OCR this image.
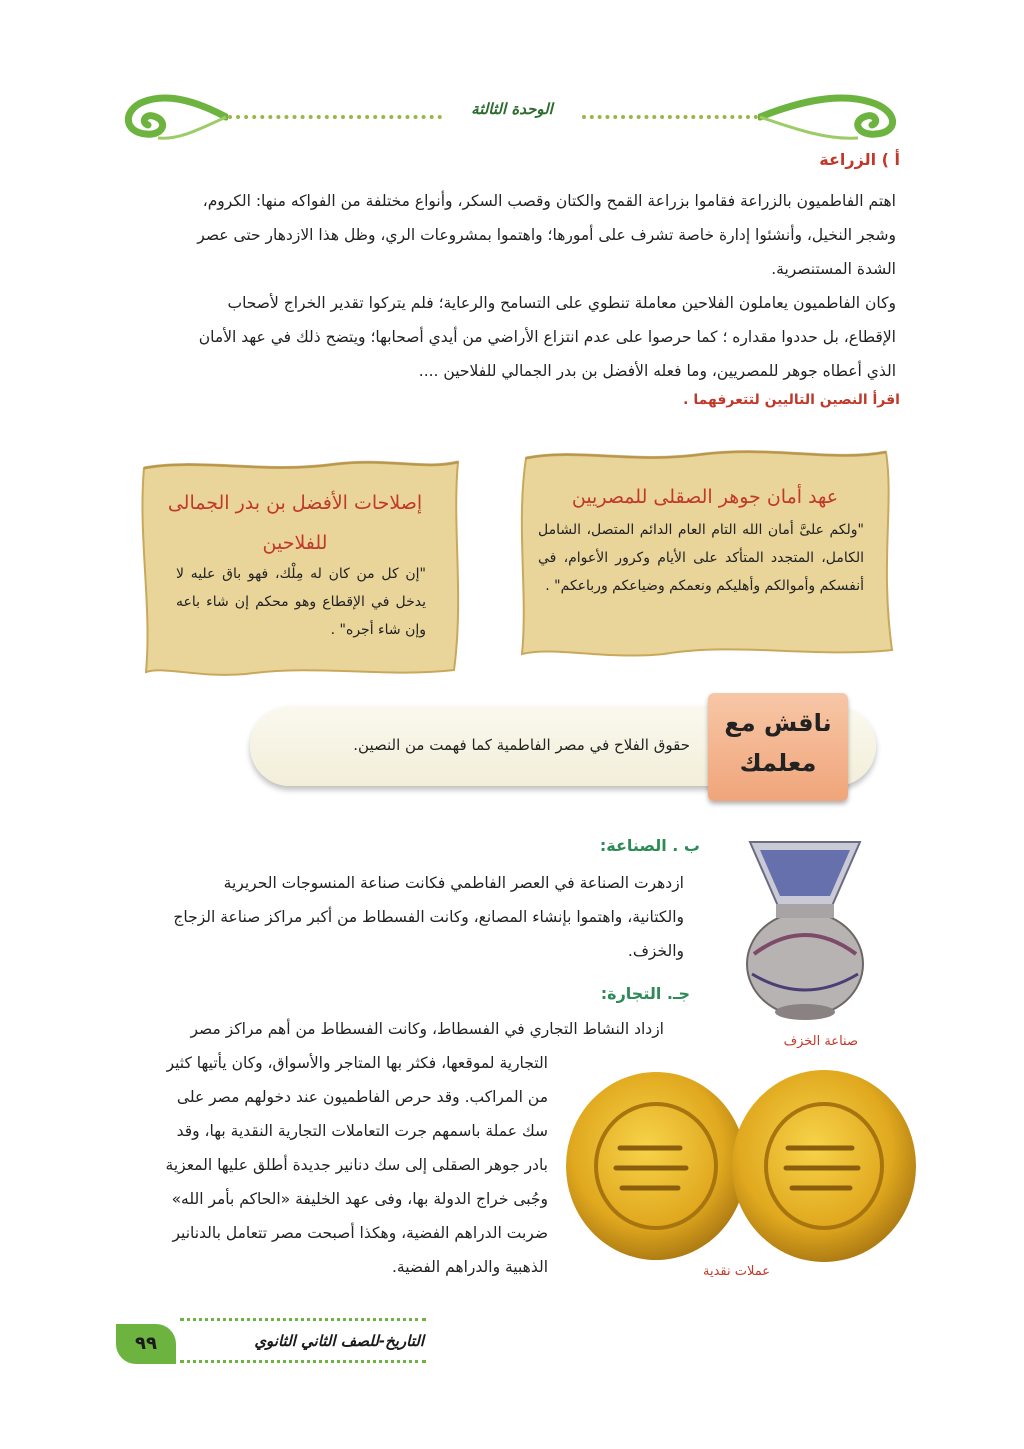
الوحدة الثالثة
أ ) الزراعة
اهتم الفاطميون بالزراعة فقاموا بزراعة القمح والكتان وقصب السكر، وأنواع مختلفة من الفواكه منها: الكروم،
وشجر النخيل، وأنشئوا إدارة خاصة تشرف على أمورها؛ واهتموا بمشروعات الري، وظل هذا الازدهار حتى عصر
الشدة المستنصرية.
وكان الفاطميون يعاملون الفلاحين معاملة تنطوي على التسامح والرعاية؛ فلم يتركوا تقدير الخراج لأصحاب
الإقطاع، بل حددوا مقداره ؛ كما حرصوا على عدم انتزاع الأراضي من أيدي أصحابها؛ ويتضح ذلك في عهد الأمان
الذي أعطاه جوهر للمصريين، وما فعله الأفضل بن بدر الجمالي للفلاحين ....
اقرأ النصين التاليين لتتعرفهما .
عهد أمان جوهر الصقلى للمصريين
"ولكم علىَّ أمان الله التام العام الدائم المتصل، الشامل الكامل، المتجدد المتأكد على الأيام وكرور الأعوام، في أنفسكم وأموالكم وأهليكم ونعمكم وضياعكم ورباعكم" .
إصلاحات الأفضل بن بدر الجمالى
للفلاحين
"إن كل من كان له مِلْك، فهو باق عليه لا يدخل في الإقطاع وهو محكم إن شاء باعه وإن شاء أجره" .
حقوق الفلاح في مصر الفاطمية كما فهمت من النصين.
ناقش مع
معلمك
ب . الصناعة:
ازدهرت الصناعة في العصر الفاطمي فكانت صناعة المنسوجات الحريرية
والكتانية، واهتموا بإنشاء المصانع، وكانت الفسطاط من أكبر مراكز صناعة الزجاج
والخزف.
صناعة الخزف
جـ. التجارة:
ازداد النشاط التجاري في الفسطاط، وكانت الفسطاط من أهم مراكز مصر
التجارية لموقعها، فكثر بها المتاجر والأسواق، وكان يأتيها كثير
من المراكب. وقد حرص الفاطميون عند دخولهم مصر على
سك عملة باسمهم جرت التعاملات التجارية النقدية بها، وقد
بادر جوهر الصقلى إلى سك دنانير جديدة أطلق عليها المعزية
وجُبى خراج الدولة بها، وفى عهد الخليفة «الحاكم بأمر الله»
ضربت الدراهم الفضية، وهكذا أصبحت مصر تتعامل بالدنانير
الذهبية والدراهم الفضية.	عملات نقدية
٩٩	التاريخ-للصف الثاني الثانوي
